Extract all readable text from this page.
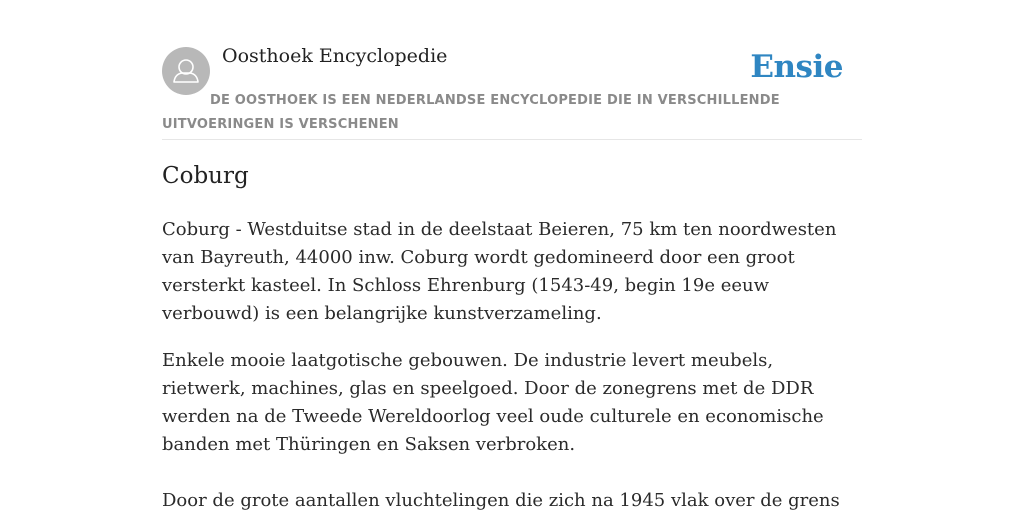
Oosthoek Encyclopedie	Ensie
DE OOSTHOEK IS EEN NEDERLANDSE ENCYCLOPEDIE DIE IN VERSCHILLENDE UITVOERINGEN IS VERSCHENEN
Coburg

Coburg - Westduitse stad in de deelstaat Beieren, 75 km ten noordwesten van Bayreuth, 44000 inw. Coburg wordt gedomineerd door een groot versterkt kasteel. In Schloss Ehrenburg (1543-49, begin 19e eeuw verbouwd) is een belangrijke kunstverzameling.

Enkele mooie laatgotische gebouwen. De industrie levert meubels, rietwerk, machines, glas en speelgoed. Door de zonegrens met de DDR werden na de Tweede Wereldoorlog veel oude culturele en economische banden met Thüringen en Saksen verbroken.

Door de grote aantallen vluchtelingen die zich na 1945 vlak over de grens
